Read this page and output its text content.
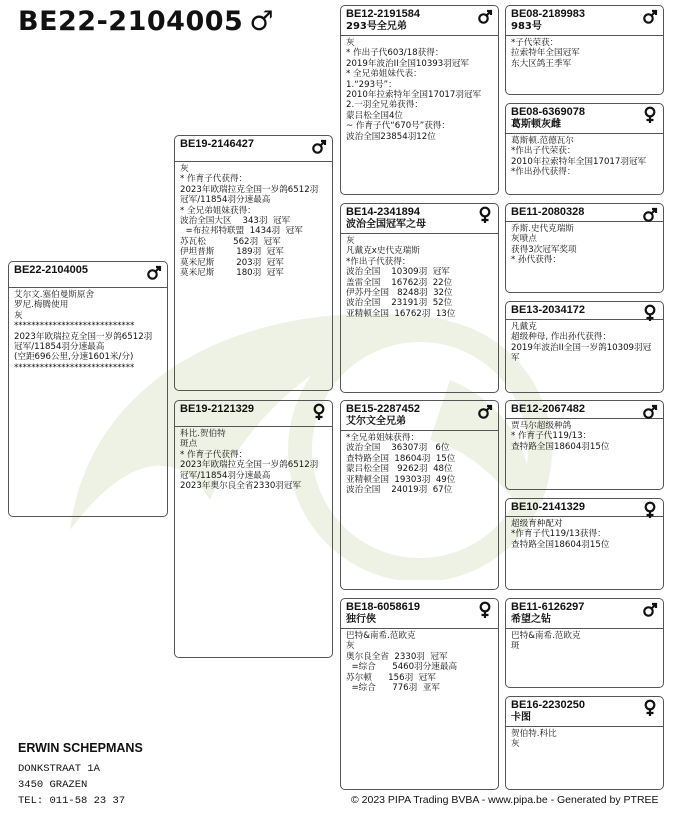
BE22-2104005 ♂
BE22-2104005
艾尔文.塞伯曼斯原舍
罗尼.梅腾使用
灰
****************************
2023年欧瑞拉克全国一岁鸽6512羽
冠军/11854羽分速最高
(空距696公里,分速1601米/分)
****************************
BE19-2146427
灰
* 作育子代获得：
2023年欧瑞拉克全国一岁鸽6512羽
冠军/11854羽分速最高
* 全兄弟姐妹获得：
波治全国大区    343羽  冠军
=布拉邦特联盟  1434羽  冠军
苏瓦松          562羽  冠军
伊坦普斯        189羽  冠军
莫米尼斯        203羽  冠军
莫米尼斯        180羽  冠军
BE19-2121329
科比.贺伯特
斑点
* 作育子代获得：
2023年欧瑞拉克全国一岁鸽6512羽
冠军/11854羽分速最高
2023年奥尔良全省2330羽冠军
BE12-2191584
293号全兄弟
灰
* 作出子代603/18获得：
2019年波治II全国10393羽冠军
* 全兄弟姐妹代表：
1.“293号”：
2010年拉索特年全国17017羽冠军
2.一羽全兄弟获得：
蒙吕松全国4位
~ 作育子代“670号”获得：
波治全国23854羽12位
BE14-2341894
波治全国冠军之母
灰
凡戴克x史代克瑞斯
*作出子代获得：
波治全国    10309羽  冠军
盖雷全国    16762羽  22位
伊苏丹全国   8248羽  32位
波治全国    23191羽  52位
亚精顿全国  16762羽  13位
BE15-2287452
艾尔文全兄弟
*全兄弟姐妹获得：
波治全国    36307羽   6位
查特路全国  18604羽  15位
蒙吕松全国   9262羽  48位
亚精顿全国  19303羽  49位
波治全国    24019羽  67位
BE18-6058619
独行侠
巴特&南希.范欧克
灰
奥尔良全省  2330羽  冠军
=综合      5460羽分速最高
苏尔顿      156羽  冠军
=综合      776羽  亚军
BE08-2189983
983号
*子代荣获：
拉索特年全国冠军
东大区鸽王季军
BE08-6369078
葛斯顿灰雌
葛斯顿.范德瓦尔
*作出子代荣获：
2010年拉索特年全国17017羽冠军
*作出孙代获得：
BE11-2080328
乔斯.史代克瑞斯
灰喷点
获得3次冠军奖项
* 孙代获得：
BE13-2034172
凡戴克
超级种母, 作出孙代获得：
2019年波治II全国一岁鸽10309羽冠
军
BE12-2067482
贾马尔超级种鸽
* 作育子代119/13：
查特路全国18604羽15位
BE10-2141329
超级育种配对
*作育子代119/13获得：
查特路全国18604羽15位
BE11-6126297
希望之钻
巴特&南希.范欧克
斑
BE16-2230250
卡图
贺伯特.科比
灰
ERWIN SCHEPMANS
DONKSTRAAT 1A
3450 GRAZEN
TEL: 011-58 23 37	© 2023 PIPA Trading BVBA - www.pipa.be - Generated by PTREE
